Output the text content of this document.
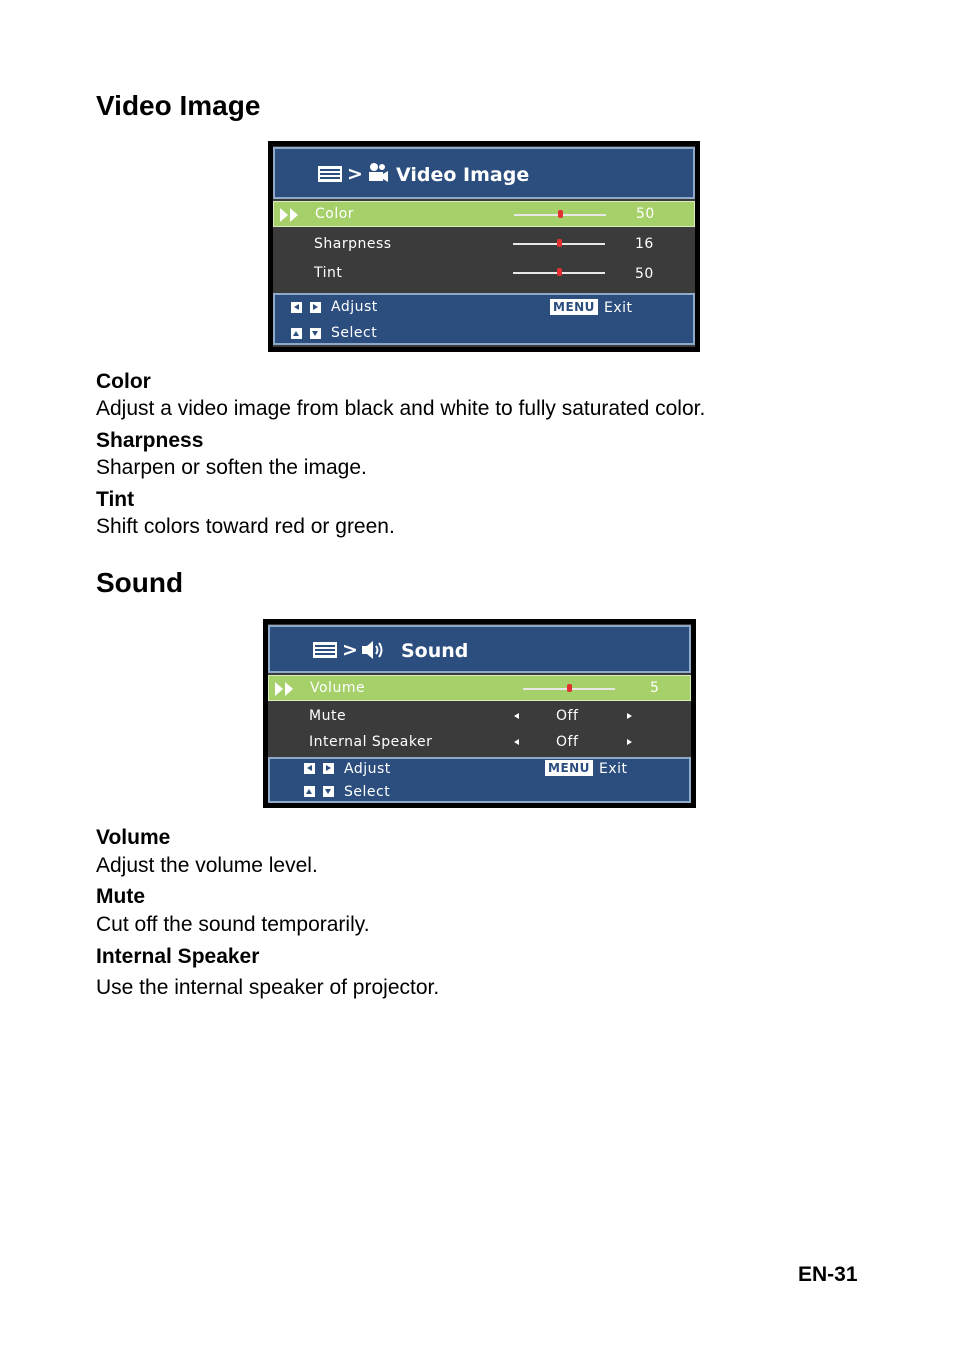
Video Image
> Video Image
Color	50
Sharpness	16
Tint	50
Adjust
Select
MENU Exit
Color
Adjust a video image from black and white to fully saturated color.
Sharpness
Sharpen or soften the image.
Tint
Shift colors toward red or green.
Sound
> Sound
Volume	5
Mute	Off
Internal Speaker	Off
Adjust
Select
MENU Exit
Volume
Adjust the volume level.
Mute
Cut off the sound temporarily.
Internal Speaker
Use the internal speaker of projector.
EN-31
